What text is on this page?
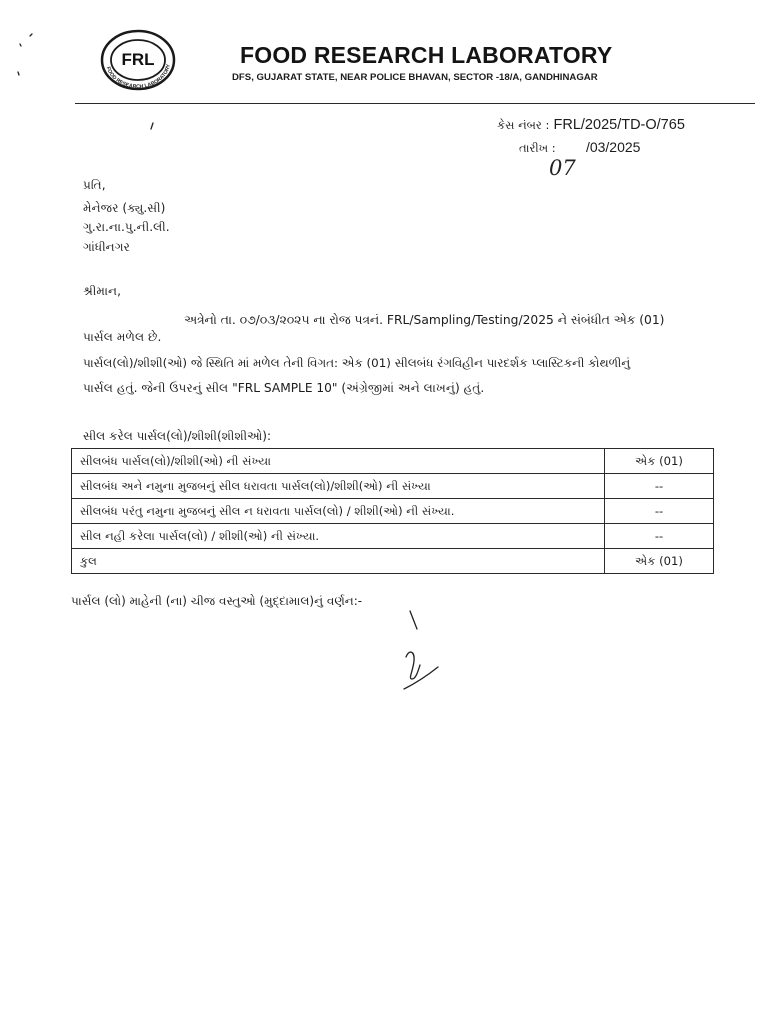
FRL
FOOD RESEARCH LABORATORY	FOOD RESEARCH LABORATORY
DFS, GUJARAT STATE, NEAR POLICE BHAVAN, SECTOR -18/A, GANDHINAGAR
કેસ નંબર : FRL/2025/TD-O/765
તારીખ : /03/2025
07
પ્રતિ,
મેનેજર (ક્યુ.સી)
ગુ.રા.ના.પુ.ની.લી.
ગાંધીનગર
શ્રીમાન,
અત્રેનો તા. ૦૭/૦૩/૨૦૨૫ ના રોજ પત્રનં. FRL/Sampling/Testing/2025 ને સંબંધીત એક (01)
પાર્સલ મળેલ છે.
પાર્સલ(લો)/શીશી(ઓ) જે સ્થિતિ માં મળેલ તેની વિગત: એક (01) સીલબંધ રંગવિહીન પારદર્શક પ્લાસ્ટિકની કોથળીનું
પાર્સલ હતું. જેની ઉપરનું સીલ "FRL SAMPLE 10" (અંગ્રેજીમાં અને લાખનું) હતું.
સીલ કરેલ પાર્સલ(લો)/શીશી(શીશીઓ):
સીલબંધ પાર્સલ(લો)/શીશી(ઓ) ની સંખ્યા	એક (01)
સીલબંધ અને નમુના મુજબનું સીલ ધરાવતા પાર્સલ(લો)/શીશી(ઓ) ની સંખ્યા	--
સીલબંધ પરંતુ નમુના મુજબનું સીલ ન ધરાવતા પાર્સલ(લો) / શીશી(ઓ) ની સંખ્યા.	--
સીલ નહી કરેલા પાર્સલ(લો) / શીશી(ઓ) ની સંખ્યા.	--
કુલ	એક (01)
પાર્સલ (લો) માહેની (ના) ચીજ વસ્તુઓ (મુદ્દામાલ)નું વર્ણન:-
